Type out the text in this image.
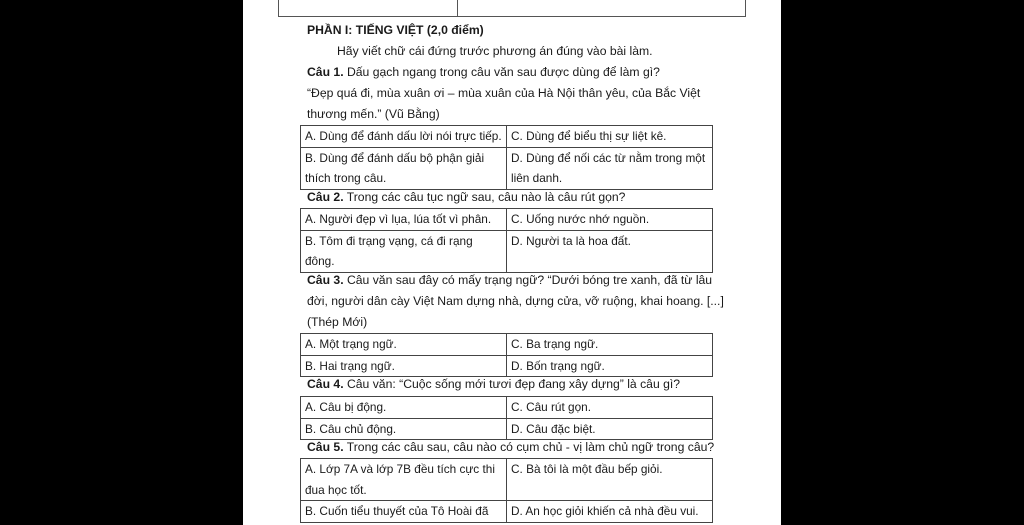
PHẦN I: TIẾNG VIỆT (2,0 điểm)
Hãy viết chữ cái đứng trước phương án đúng vào bài làm.
Câu 1. Dấu gạch ngang trong câu văn sau được dùng để làm gì?
“Đẹp quá đi, mùa xuân ơi – mùa xuân của Hà Nội thân yêu, của Bắc Việt
thương mến.” (Vũ Bằng)
A. Dùng để đánh dấu lời nói trực tiếp.	C. Dùng để biểu thị sự liệt kê.
B. Dùng để đánh dấu bộ phận giải thích trong câu.	D. Dùng để nối các từ nằm trong một liên danh.
Câu 2. Trong các câu tục ngữ sau, câu nào là câu rút gọn?
A. Người đẹp vì lụa, lúa tốt vì phân.	C. Uống nước nhớ nguồn.
B. Tôm đi trạng vạng, cá đi rạng đông.	D. Người ta là hoa đất.
Câu 3. Câu văn sau đây có mấy trạng ngữ? “Dưới bóng tre xanh, đã từ lâu
đời, người dân cày Việt Nam dựng nhà, dựng cửa, vỡ ruộng, khai hoang. [...]
(Thép Mới)
A. Một trạng ngữ.	C. Ba trạng ngữ.
B. Hai trạng ngữ.	D. Bốn trạng ngữ.
Câu 4. Câu văn: “Cuộc sống mới tươi đẹp đang xây dựng” là câu gì?
A. Câu bị động.	C. Câu rút gọn.
B. Câu chủ động.	D. Câu đặc biệt.
Câu 5. Trong các câu sau, câu nào có cụm chủ - vị làm chủ ngữ trong câu?
A. Lớp 7A và lớp 7B đều tích cực thi đua học tốt.	C. Bà tôi là một đầu bếp giỏi.
B. Cuốn tiểu thuyết của Tô Hoài đã	D. An học giỏi khiến cả nhà đều vui.
